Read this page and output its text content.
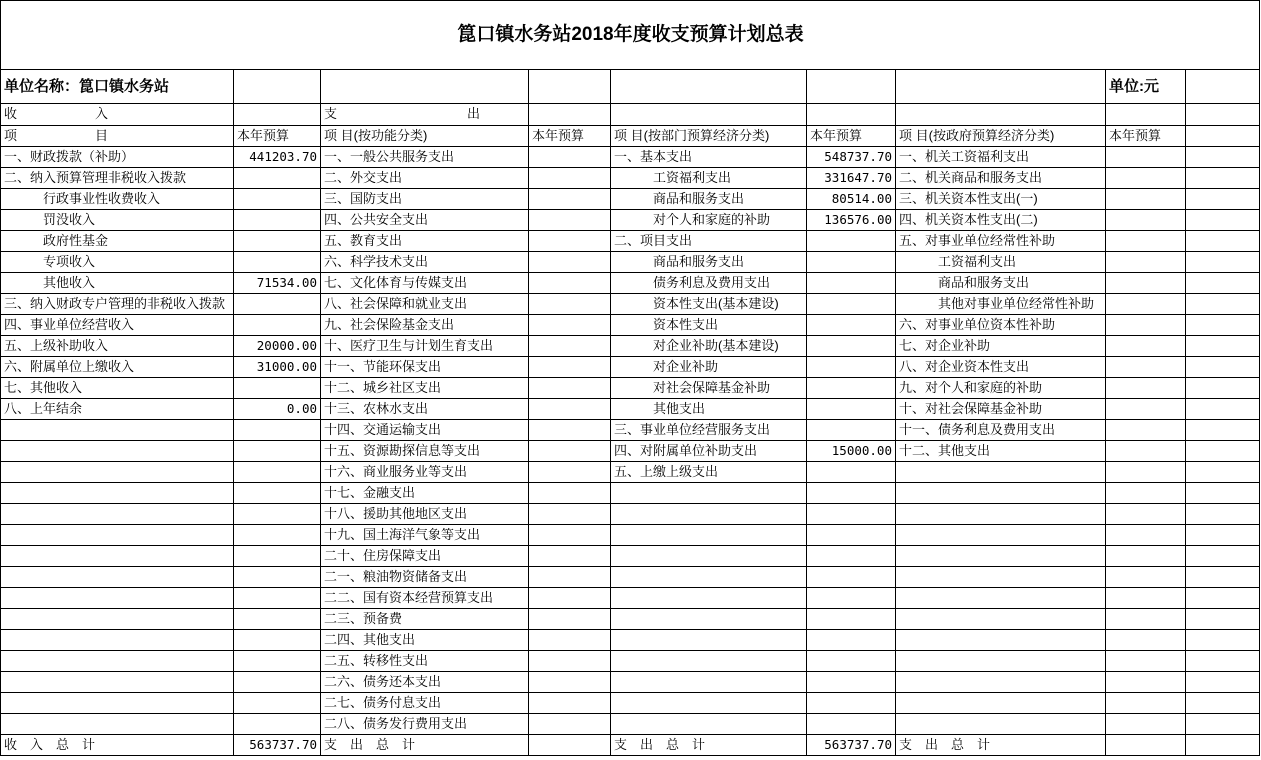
箟口镇水务站2018年度收支预算计划总表								
单位名称：箟口镇水务站							单位:元	
收　　　　　　入		支　　　　　　　　　　出						
项　　　　　　目	本年预算	项 目(按功能分类)	本年预算	项 目(按部门预算经济分类)	本年预算	项 目(按政府预算经济分类)	本年预算	
一、财政拨款（补助）	441203.70	一、一般公共服务支出		一、基本支出	548737.70	一、机关工资福利支出		
二、纳入预算管理非税收入拨款		二、外交支出		工资福利支出	331647.70	二、机关商品和服务支出		
行政事业性收费收入		三、国防支出		商品和服务支出	80514.00	三、机关资本性支出(一)		
罚没收入		四、公共安全支出		对个人和家庭的补助	136576.00	四、机关资本性支出(二)		
政府性基金		五、教育支出		二、项目支出		五、对事业单位经常性补助		
专项收入		六、科学技术支出		商品和服务支出		工资福利支出		
其他收入	71534.00	七、文化体育与传媒支出		债务利息及费用支出		商品和服务支出		
三、纳入财政专户管理的非税收入拨款		八、社会保障和就业支出		资本性支出(基本建设)		其他对事业单位经常性补助		
四、事业单位经营收入		九、社会保险基金支出		资本性支出		六、对事业单位资本性补助		
五、上级补助收入	20000.00	十、医疗卫生与计划生育支出		对企业补助(基本建设)		七、对企业补助		
六、附属单位上缴收入	31000.00	十一、节能环保支出		对企业补助		八、对企业资本性支出		
七、其他收入		十二、城乡社区支出		对社会保障基金补助		九、对个人和家庭的补助		
八、上年结余	0.00	十三、农林水支出		其他支出		十、对社会保障基金补助		
		十四、交通运输支出		三、事业单位经营服务支出		十一、债务利息及费用支出		
		十五、资源勘探信息等支出		四、对附属单位补助支出	15000.00	十二、其他支出		
		十六、商业服务业等支出		五、上缴上级支出				
		十七、金融支出						
		十八、援助其他地区支出						
		十九、国土海洋气象等支出						
		二十、住房保障支出						
		二一、粮油物资储备支出						
		二二、国有资本经营预算支出						
		二三、预备费						
		二四、其他支出						
		二五、转移性支出						
		二六、债务还本支出						
		二七、债务付息支出						
		二八、债务发行费用支出						
收　入　总　计	563737.70	支　出　总　计		支　出　总　计	563737.70	支　出　总　计		
